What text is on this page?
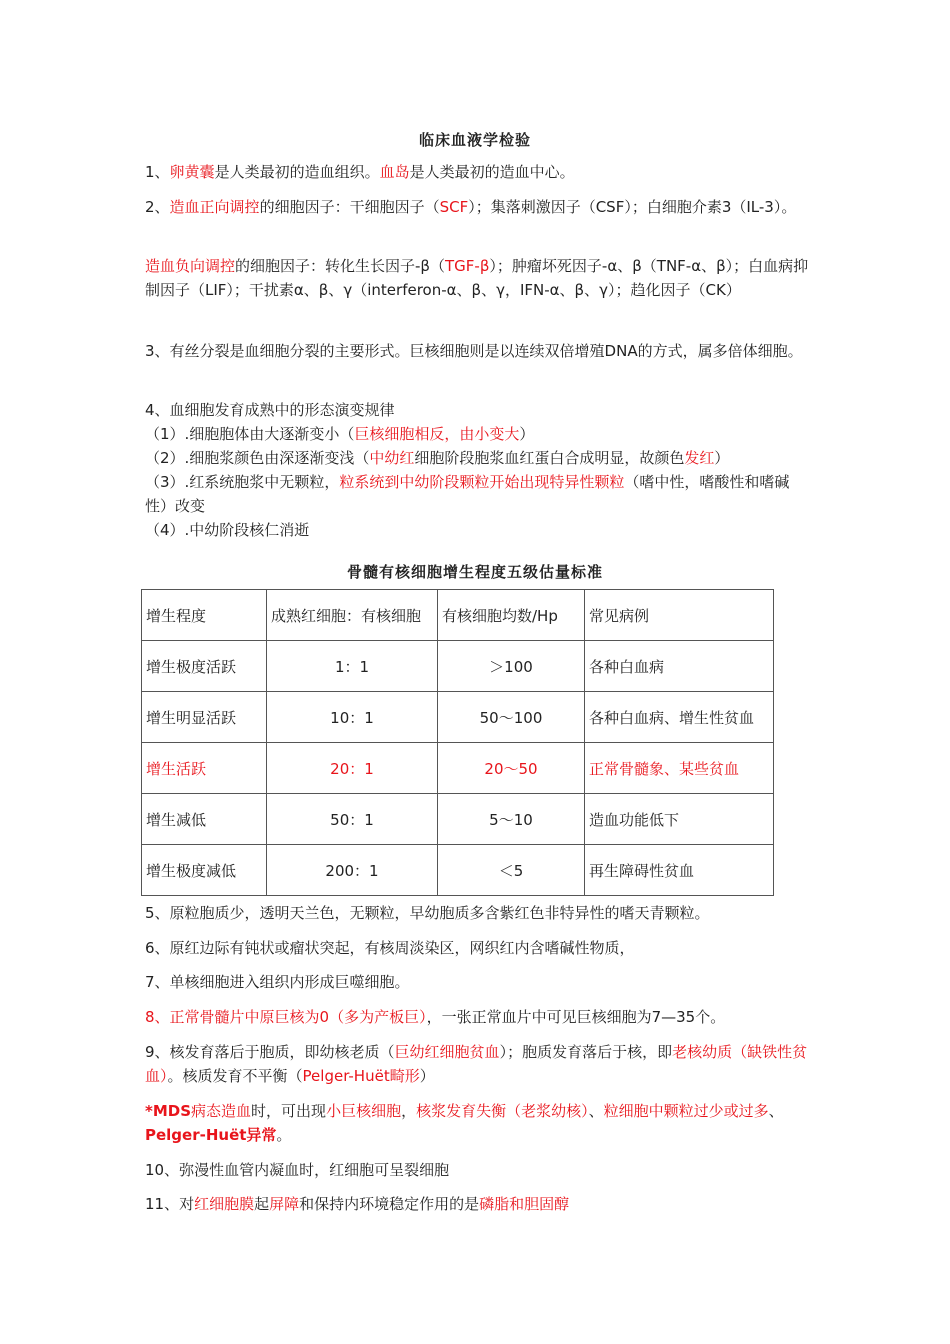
临床血液学检验
1、卵黄囊是人类最初的造血组织。血岛是人类最初的造血中心。
2、造血正向调控的细胞因子：干细胞因子（SCF）；集落刺激因子（CSF）；白细胞介素3（IL-3）。
造血负向调控的细胞因子：转化生长因子-β（TGF-β）；肿瘤坏死因子-α、β（TNF-α、β）；白血病抑制因子（LIF）；干扰素α、β、γ（interferon-α、β、γ，IFN-α、β、γ）；趋化因子（CK）
3、有丝分裂是血细胞分裂的主要形式。巨核细胞则是以连续双倍增殖DNA的方式，属多倍体细胞。
4、血细胞发育成熟中的形态演变规律
（1）.细胞胞体由大逐渐变小（巨核细胞相反，由小变大）
（2）.细胞浆颜色由深逐渐变浅（中幼红细胞阶段胞浆血红蛋白合成明显，故颜色发红）
（3）.红系统胞浆中无颗粒，粒系统到中幼阶段颗粒开始出现特异性颗粒（嗜中性，嗜酸性和嗜碱性）改变
（4）.中幼阶段核仁消逝
骨髓有核细胞增生程度五级估量标准
增生程度	成熟红细胞：有核细胞	有核细胞均数/Hp	常见病例
增生极度活跃	1：1	＞100	各种白血病
增生明显活跃	10：1	50～100	各种白血病、增生性贫血
增生活跃	20：1	20～50	正常骨髓象、某些贫血
增生减低	50：1	5～10	造血功能低下
增生极度减低	200：1	＜5	再生障碍性贫血
5、原粒胞质少，透明天兰色，无颗粒，早幼胞质多含紫红色非特异性的嗜天青颗粒。
6、原红边际有钝状或瘤状突起，有核周淡染区，网织红内含嗜碱性物质，
7、单核细胞进入组织内形成巨噬细胞。
8、正常骨髓片中原巨核为0（多为产板巨），一张正常血片中可见巨核细胞为7—35个。
9、核发育落后于胞质，即幼核老质（巨幼红细胞贫血）；胞质发育落后于核，即老核幼质（缺铁性贫血）。核质发育不平衡（Pelger-Huët畸形）
*MDS病态造血时，可出现小巨核细胞，核浆发育失衡（老浆幼核）、粒细胞中颗粒过少或过多、Pelger-Huët异常。
10、弥漫性血管内凝血时，红细胞可呈裂细胞
11、对红细胞膜起屏障和保持内环境稳定作用的是磷脂和胆固醇
